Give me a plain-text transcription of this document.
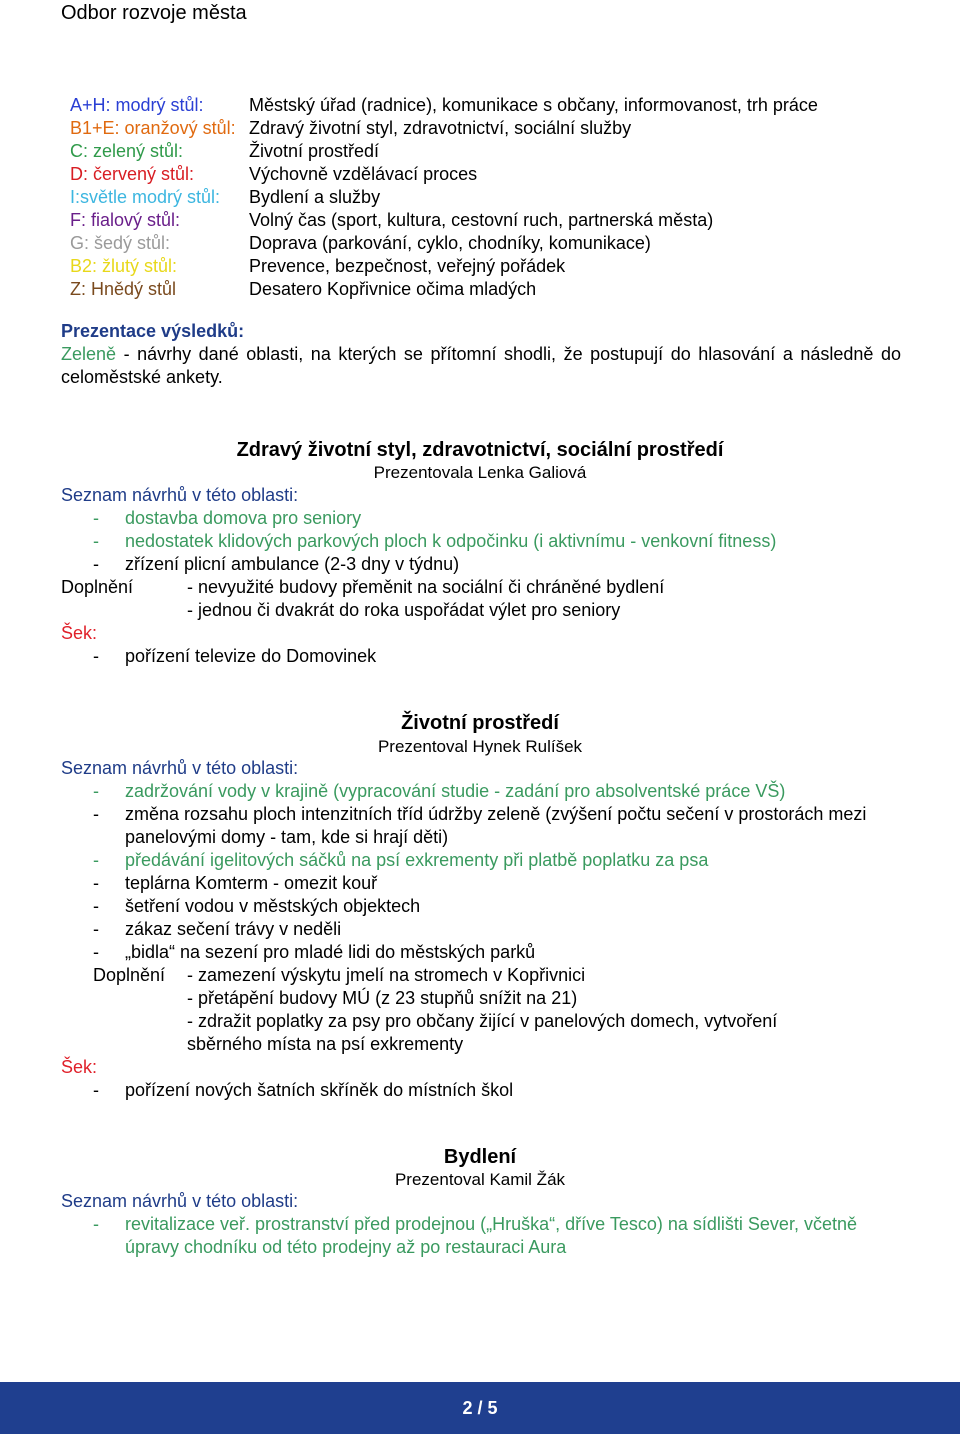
Odbor rozvoje města
A+H: modrý stůl:	Městský úřad (radnice), komunikace s občany, informovanost, trh práce
B1+E: oranžový stůl: Zdravý životní styl, zdravotnictví, sociální služby
C: zelený stůl:	Životní prostředí
D: červený stůl:	Výchovně vzdělávací proces
I:světle modrý stůl:	Bydlení a služby
F: fialový stůl:	Volný čas (sport, kultura, cestovní ruch, partnerská města)
G: šedý stůl:	Doprava (parkování, cyklo, chodníky, komunikace)
B2: žlutý stůl:	Prevence, bezpečnost, veřejný pořádek
Z: Hnědý stůl	Desatero Kopřivnice očima mladých
Prezentace výsledků:
Zeleně - návrhy dané oblasti, na kterých se přítomní shodli, že postupují do hlasování a následně do celoměstské ankety.
Zdravý životní styl, zdravotnictví, sociální prostředí
Prezentovala Lenka Galiová
Seznam návrhů v této oblasti:
-	dostavba domova pro seniory
-	nedostatek klidových parkových ploch k odpočinku (i aktivnímu - venkovní fitness)
-	zřízení plicní ambulance (2-3 dny v týdnu)
Doplnění	- nevyužité budovy přeměnit na sociální či chráněné bydlení
- jednou či dvakrát do roka uspořádat výlet pro seniory
Šek:
-	pořízení televize do Domovinek
Životní prostředí
Prezentoval Hynek Rulíšek
Seznam návrhů v této oblasti:
-	zadržování vody v krajině (vypracování studie - zadání pro absolventské práce VŠ)
-	změna rozsahu ploch intenzitních tříd údržby zeleně (zvýšení počtu sečení v prostorách mezi panelovými domy - tam, kde si hrají děti)
-	předávání igelitových sáčků na psí exkrementy při platbě poplatku za psa
-	teplárna Komterm - omezit kouř
-	šetření vodou v městských objektech
-	zákaz sečení trávy v neděli
-	„bidla“ na sezení pro mladé lidi do městských parků
Doplnění	- zamezení výskytu jmelí na stromech v Kopřivnici
- přetápění budovy MÚ (z 23 stupňů snížit na 21)
- zdražit poplatky za psy pro občany žijící v panelových domech, vytvoření sběrného místa na psí exkrementy
Šek:
-	pořízení nových šatních skříněk do místních škol
Bydlení
Prezentoval Kamil Žák
Seznam návrhů v této oblasti:
-	revitalizace veř. prostranství před prodejnou („Hruška“, dříve Tesco) na sídlišti Sever, včetně úpravy chodníku od této prodejny až po restauraci Aura
2 / 5
